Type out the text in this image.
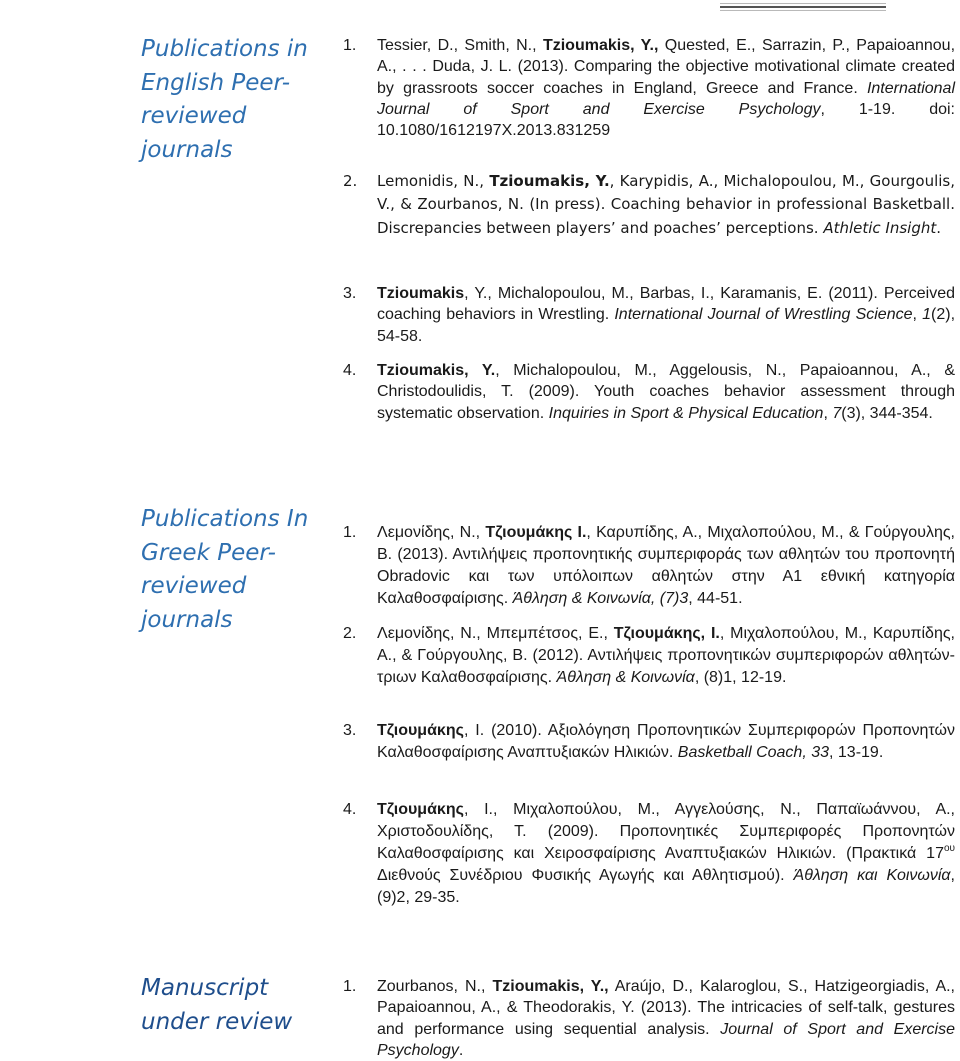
Publications in English Peer-reviewed journals
1. Tessier, D., Smith, N., Tzioumakis, Y., Quested, E., Sarrazin, P., Papaioannou, A., . . . Duda, J. L. (2013). Comparing the objective motivational climate created by grassroots soccer coaches in England, Greece and France. International Journal of Sport and Exercise Psychology, 1-19. doi: 10.1080/1612197X.2013.831259
2. Lemonidis, N., Tzioumakis, Y., Karypidis, A., Michalopoulou, M., Gourgoulis, V., & Zourbanos, N. (In press). Coaching behavior in professional Basketball. Discrepancies between players’ and poaches’ perceptions. Athletic Insight.
3. Tzioumakis, Y., Michalopoulou, M., Barbas, I., Karamanis, E. (2011). Perceived coaching behaviors in Wrestling. International Journal of Wrestling Science, 1(2), 54-58.
4. Tzioumakis, Y., Michalopoulou, M., Aggelousis, N., Papaioannou, A., & Christodoulidis, T. (2009). Youth coaches behavior assessment through systematic observation. Inquiries in Sport & Physical Education, 7(3), 344-354.
Publications In Greek Peer-reviewed journals
1. Λεμονίδης, Ν., Τζιουμάκης Ι., Καρυπίδης, Α., Μιχαλοπούλου, Μ., & Γούργουλης, Β. (2013). Αντιλήψεις προπονητικής συμπεριφοράς των αθλητών του προπονητή Obradovic και των υπόλοιπων αθλητών στην Α1 εθνική κατηγορία Καλαθοσφαίρισης. Άθληση & Κοινωνία, (7)3, 44-51.
2. Λεμονίδης, Ν., Μπεμπέτσος, Ε., Τζιουμάκης, Ι., Μιχαλοπούλου, Μ., Καρυπίδης, Α., & Γούργουλης, Β. (2012). Αντιλήψεις προπονητικών συμπεριφορών αθλητών-τριων Καλαθοσφαίρισης. Άθληση & Κοινωνία, (8)1, 12-19.
3. Τζιουμάκης, Ι. (2010). Αξιολόγηση Προπονητικών Συμπεριφορών Προπονητών Καλαθοσφαίρισης Αναπτυξιακών Ηλικιών. Basketball Coach, 33, 13-19.
4. Τζιουμάκης, Ι., Μιχαλοπούλου, Μ., Αγγελούσης, Ν., Παπαϊωάννου, Α., Χριστοδουλίδης, Τ. (2009). Προπονητικές Συμπεριφορές Προπονητών Καλαθοσφαίρισης και Χειροσφαίρισης Αναπτυξιακών Ηλικιών. (Πρακτικά $17^{o\upsilon}$ Διεθνούς Συνέδριου Φυσικής Αγωγής και Αθλητισμού). Άθληση και Κοινωνία, (9)2, 29-35.
Manuscript under review
1. Zourbanos, N., Tzioumakis, Y., Araújo, D., Kalaroglou, S., Hatzigeorgiadis, A., Papaioannou, A., & Theodorakis, Y. (2013). The intricacies of self-talk, gestures and performance using sequential analysis. Journal of Sport and Exercise Psychology.
